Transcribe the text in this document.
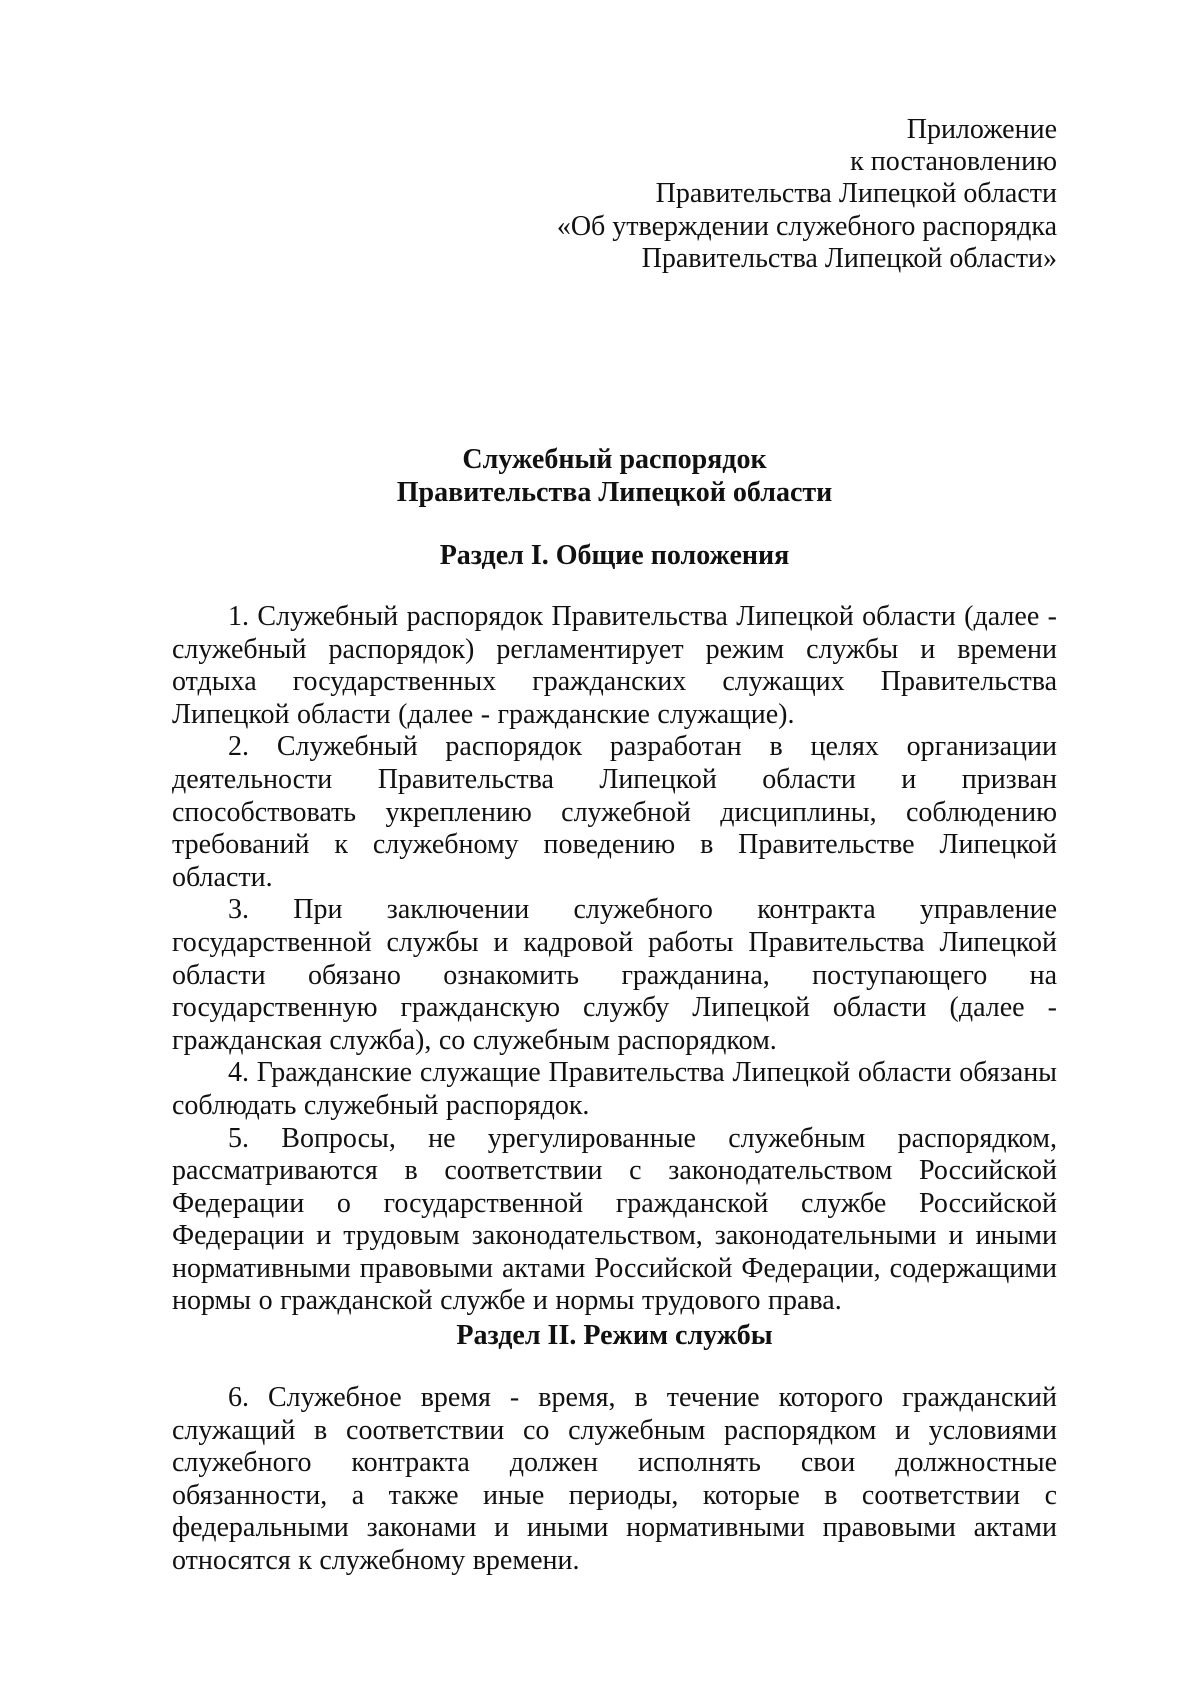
Приложение
к постановлению
Правительства Липецкой области
«Об утверждении служебного распорядка
Правительства Липецкой области»
Служебный распорядок
Правительства Липецкой области
Раздел I. Общие положения

1. Служебный распорядок Правительства Липецкой области (далее - служебный распорядок) регламентирует режим службы и времени отдыха государственных гражданских служащих Правительства Липецкой области (далее - гражданские служащие).

2. Служебный распорядок разработан в целях организации деятельности Правительства Липецкой области и призван способствовать укреплению служебной дисциплины, соблюдению требований к служебному поведению в Правительстве Липецкой области.

3. При заключении служебного контракта управление государственной службы и кадровой работы Правительства Липецкой области обязано ознакомить гражданина, поступающего на государственную гражданскую службу Липецкой области (далее - гражданская служба), со служебным распорядком.

4. Гражданские служащие Правительства Липецкой области обязаны соблюдать служебный распорядок.

5. Вопросы, не урегулированные служебным распорядком, рассматриваются в соответствии с законодательством Российской Федерации о государственной гражданской службе Российской Федерации и трудовым законодательством, законодательными и иными нормативными правовыми актами Российской Федерации, содержащими нормы о гражданской службе и нормы трудового права.

Раздел II. Режим службы

6. Служебное время - время, в течение которого гражданский служащий в соответствии со служебным распорядком и условиями служебного контракта должен исполнять свои должностные обязанности, а также иные периоды, которые в соответствии с федеральными законами и иными нормативными правовыми актами относятся к служебному времени.
